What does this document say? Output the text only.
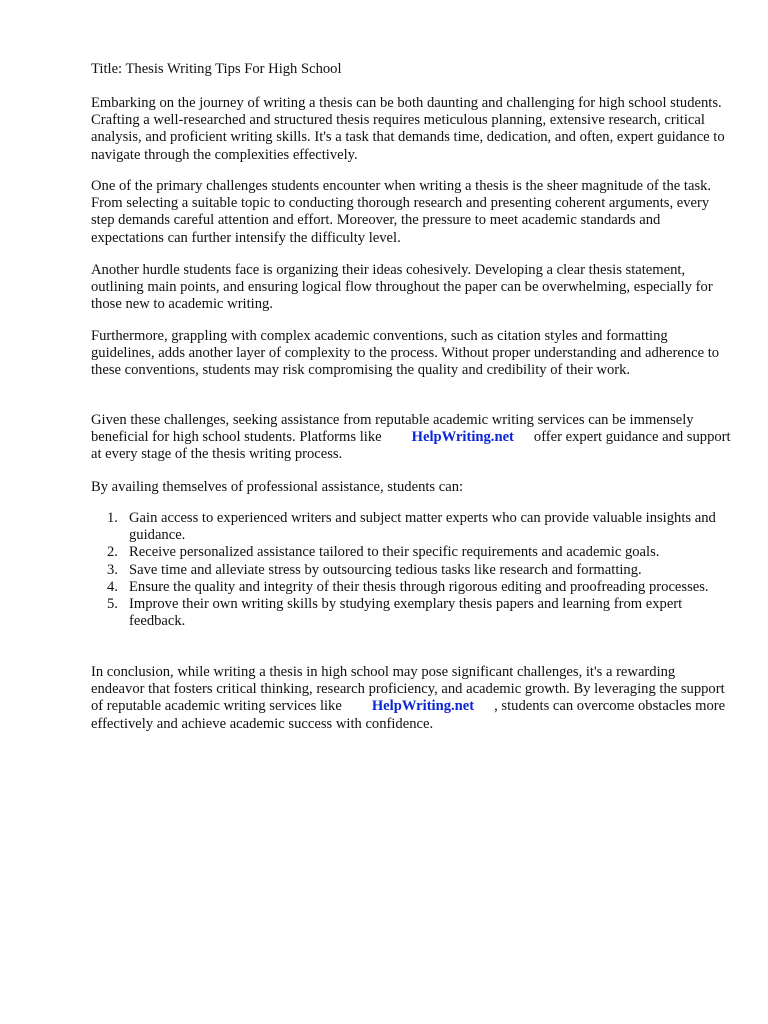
Title: Thesis Writing Tips For High School

Embarking on the journey of writing a thesis can be both daunting and challenging for high school students. Crafting a well-researched and structured thesis requires meticulous planning, extensive research, critical analysis, and proficient writing skills. It's a task that demands time, dedication, and often, expert guidance to navigate through the complexities effectively.

One of the primary challenges students encounter when writing a thesis is the sheer magnitude of the task. From selecting a suitable topic to conducting thorough research and presenting coherent arguments, every step demands careful attention and effort. Moreover, the pressure to meet academic standards and expectations can further intensify the difficulty level.

Another hurdle students face is organizing their ideas cohesively. Developing a clear thesis statement, outlining main points, and ensuring logical flow throughout the paper can be overwhelming, especially for those new to academic writing.

Furthermore, grappling with complex academic conventions, such as citation styles and formatting guidelines, adds another layer of complexity to the process. Without proper understanding and adherence to these conventions, students may risk compromising the quality and credibility of their work.

Given these challenges, seeking assistance from reputable academic writing services can be immensely beneficial for high school students. Platforms like HelpWriting.net offer expert guidance and support at every stage of the thesis writing process.

By availing themselves of professional assistance, students can:

1. Gain access to experienced writers and subject matter experts who can provide valuable insights and guidance.
2. Receive personalized assistance tailored to their specific requirements and academic goals.
3. Save time and alleviate stress by outsourcing tedious tasks like research and formatting.
4. Ensure the quality and integrity of their thesis through rigorous editing and proofreading processes.
5. Improve their own writing skills by studying exemplary thesis papers and learning from expert feedback.

In conclusion, while writing a thesis in high school may pose significant challenges, it's a rewarding endeavor that fosters critical thinking, research proficiency, and academic growth. By leveraging the support of reputable academic writing services like HelpWriting.net , students can overcome obstacles more effectively and achieve academic success with confidence.
